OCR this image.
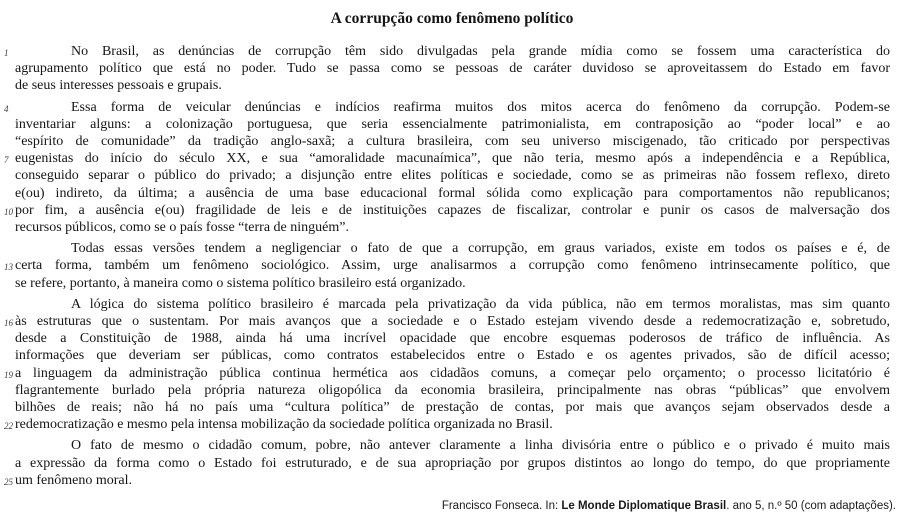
A corrupção como fenômeno político
1	No Brasil, as denúncias de corrupção têm sido divulgadas pela grande mídia como se fossem uma característica do
agrupamento político que está no poder. Tudo se passa como se pessoas de caráter duvidoso se aproveitassem do Estado em favor
de seus interesses pessoais e grupais.
4	Essa forma de veicular denúncias e indícios reafirma muitos dos mitos acerca do fenômeno da corrupção. Podem-se
inventariar alguns: a colonização portuguesa, que seria essencialmente patrimonialista, em contraposição ao “poder local” e ao
“espírito de comunidade” da tradição anglo-saxã; a cultura brasileira, com seu universo miscigenado, tão criticado por perspectivas
7 eugenistas do início do século XX, e sua “amoralidade macunaímica”, que não teria, mesmo após a independência e a República,
conseguido separar o público do privado; a disjunção entre elites políticas e sociedade, como se as primeiras não fossem reflexo, direto
e(ou) indireto, da última; a ausência de uma base educacional formal sólida como explicação para comportamentos não republicanos;
10 por fim, a ausência e(ou) fragilidade de leis e de instituições capazes de fiscalizar, controlar e punir os casos de malversação dos
recursos públicos, como se o país fosse “terra de ninguém”.
Todas essas versões tendem a negligenciar o fato de que a corrupção, em graus variados, existe em todos os países e é, de
13 certa forma, também um fenômeno sociológico. Assim, urge analisarmos a corrupção como fenômeno intrinsecamente político, que
se refere, portanto, à maneira como o sistema político brasileiro está organizado.
A lógica do sistema político brasileiro é marcada pela privatização da vida pública, não em termos moralistas, mas sim quanto
16 às estruturas que o sustentam. Por mais avanços que a sociedade e o Estado estejam vivendo desde a redemocratização e, sobretudo,
desde a Constituição de 1988, ainda há uma incrível opacidade que encobre esquemas poderosos de tráfico de influência. As
informações que deveriam ser públicas, como contratos estabelecidos entre o Estado e os agentes privados, são de difícil acesso;
19 a linguagem da administração pública continua hermética aos cidadãos comuns, a começar pelo orçamento; o processo licitatório é
flagrantemente burlado pela própria natureza oligopólica da economia brasileira, principalmente nas obras “públicas” que envolvem
bilhões de reais; não há no país uma “cultura política” de prestação de contas, por mais que avanços sejam observados desde a
22 redemocratização e mesmo pela intensa mobilização da sociedade política organizada no Brasil.
O fato de mesmo o cidadão comum, pobre, não antever claramente a linha divisória entre o público e o privado é muito mais
a expressão da forma como o Estado foi estruturado, e de sua apropriação por grupos distintos ao longo do tempo, do que propriamente
25 um fenômeno moral.
Francisco Fonseca. In: Le Monde Diplomatique Brasil. ano 5, n.º 50 (com adaptações).
